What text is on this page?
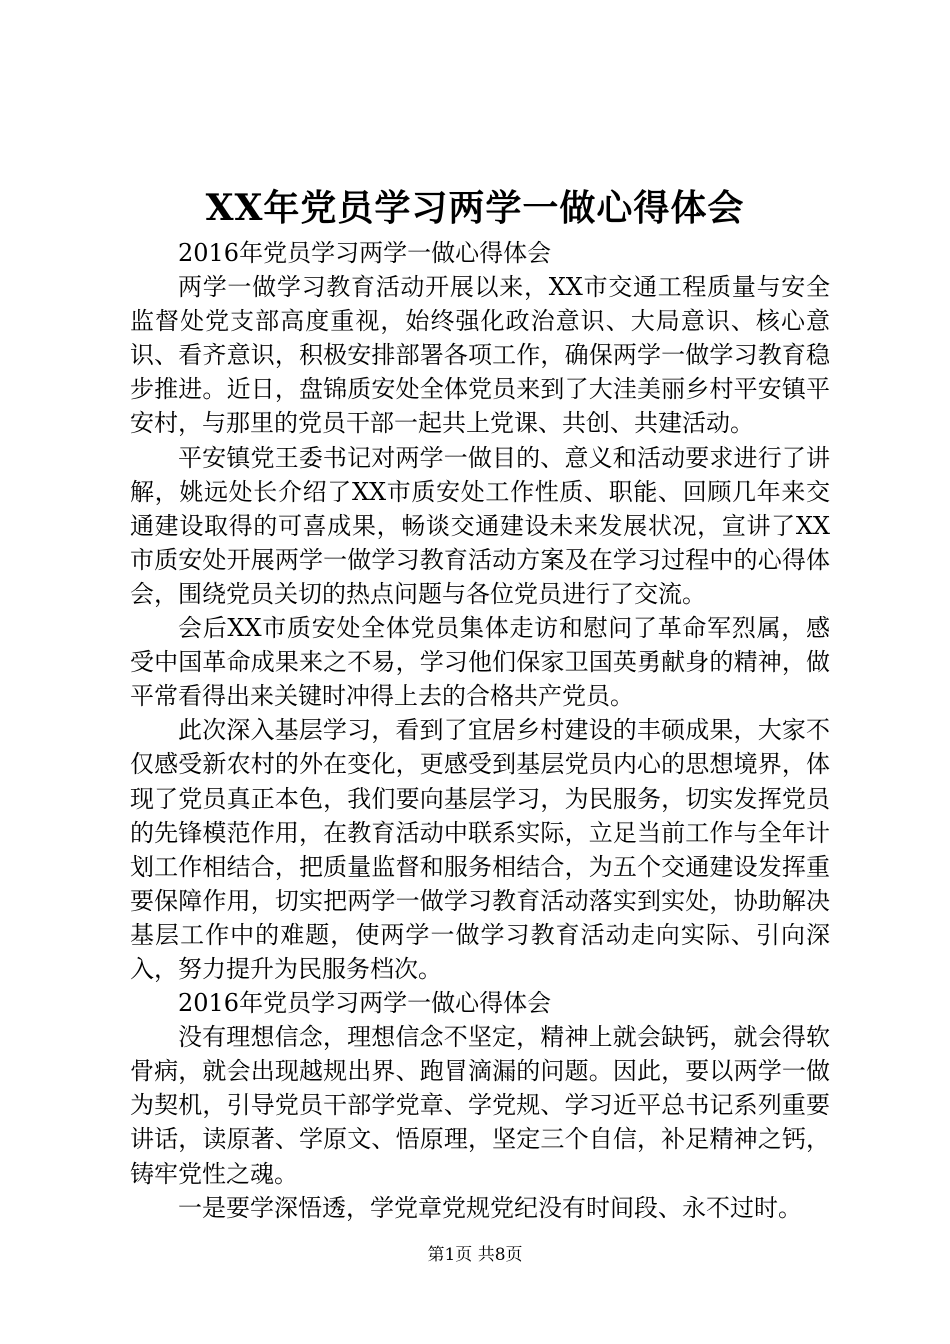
XX年党员学习两学一做心得体会

2016年党员学习两学一做心得体会

两学一做学习教育活动开展以来，XX市交通工程质量与安全监督处党支部高度重视，始终强化政治意识、大局意识、核心意识、看齐意识，积极安排部署各项工作，确保两学一做学习教育稳步推进。近日，盘锦质安处全体党员来到了大洼美丽乡村平安镇平安村，与那里的党员干部一起共上党课、共创、共建活动。

平安镇党王委书记对两学一做目的、意义和活动要求进行了讲解，姚远处长介绍了XX市质安处工作性质、职能、回顾几年来交通建设取得的可喜成果，畅谈交通建设未来发展状况，宣讲了XX市质安处开展两学一做学习教育活动方案及在学习过程中的心得体会，围绕党员关切的热点问题与各位党员进行了交流。

会后XX市质安处全体党员集体走访和慰问了革命军烈属，感受中国革命成果来之不易，学习他们保家卫国英勇献身的精神，做平常看得出来关键时冲得上去的合格共产党员。

此次深入基层学习，看到了宜居乡村建设的丰硕成果，大家不仅感受新农村的外在变化，更感受到基层党员内心的思想境界，体现了党员真正本色，我们要向基层学习，为民服务，切实发挥党员的先锋模范作用，在教育活动中联系实际，立足当前工作与全年计划工作相结合，把质量监督和服务相结合，为五个交通建设发挥重要保障作用，切实把两学一做学习教育活动落实到实处，协助解决基层工作中的难题，使两学一做学习教育活动走向实际、引向深入，努力提升为民服务档次。

2016年党员学习两学一做心得体会

没有理想信念，理想信念不坚定，精神上就会缺钙，就会得软骨病，就会出现越规出界、跑冒滴漏的问题。因此，要以两学一做为契机，引导党员干部学党章、学党规、学习近平总书记系列重要讲话，读原著、学原文、悟原理，坚定三个自信，补足精神之钙，铸牢党性之魂。

一是要学深悟透，学党章党规党纪没有时间段、永不过时。

第1页 共8页
